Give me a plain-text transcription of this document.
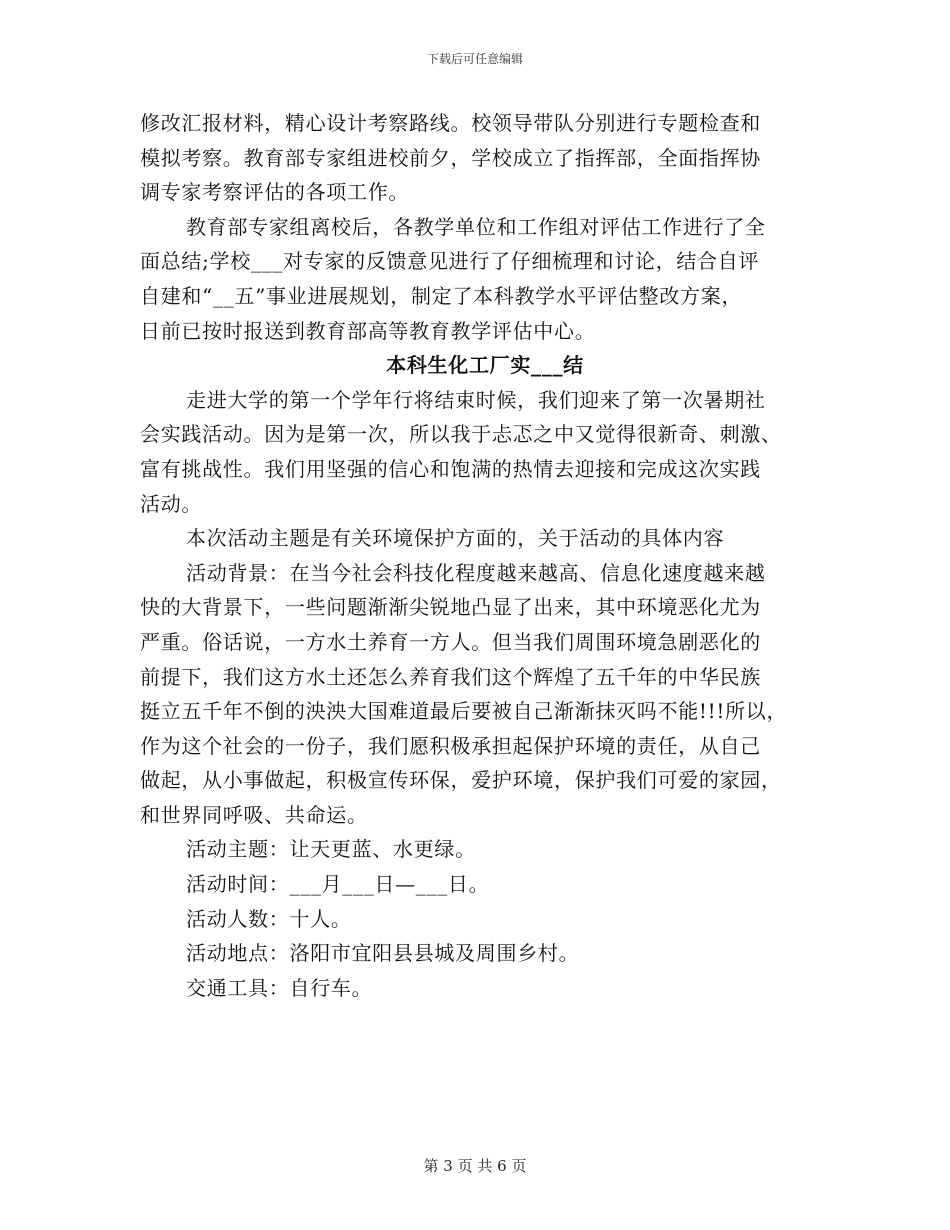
下载后可任意编辑
修改汇报材料，精心设计考察路线。校领导带队分别进行专题检查和
模拟考察。教育部专家组进校前夕，学校成立了指挥部，全面指挥协
调专家考察评估的各项工作。
教育部专家组离校后，各教学单位和工作组对评估工作进行了全
面总结;学校___对专家的反馈意见进行了仔细梳理和讨论，结合自评
自建和“__五”事业进展规划，制定了本科教学水平评估整改方案，
日前已按时报送到教育部高等教育教学评估中心。
本科生化工厂实___结
走进大学的第一个学年行将结束时候，我们迎来了第一次暑期社
会实践活动。因为是第一次，所以我于忐忑之中又觉得很新奇、刺激、
富有挑战性。我们用坚强的信心和饱满的热情去迎接和完成这次实践
活动。
本次活动主题是有关环境保护方面的，关于活动的具体内容
活动背景：在当今社会科技化程度越来越高、信息化速度越来越
快的大背景下，一些问题渐渐尖锐地凸显了出来，其中环境恶化尤为
严重。俗话说，一方水土养育一方人。但当我们周围环境急剧恶化的
前提下，我们这方水土还怎么养育我们这个辉煌了五千年的中华民族
挺立五千年不倒的泱泱大国难道最后要被自己渐渐抹灭吗不能!!!所以，
作为这个社会的一份子，我们愿积极承担起保护环境的责任，从自己
做起，从小事做起，积极宣传环保，爱护环境，保护我们可爱的家园，
和世界同呼吸、共命运。
活动主题：让天更蓝、水更绿。
活动时间：___月___日—___日。
活动人数：十人。
活动地点：洛阳市宜阳县县城及周围乡村。
交通工具：自行车。
第 3 页 共 6 页
